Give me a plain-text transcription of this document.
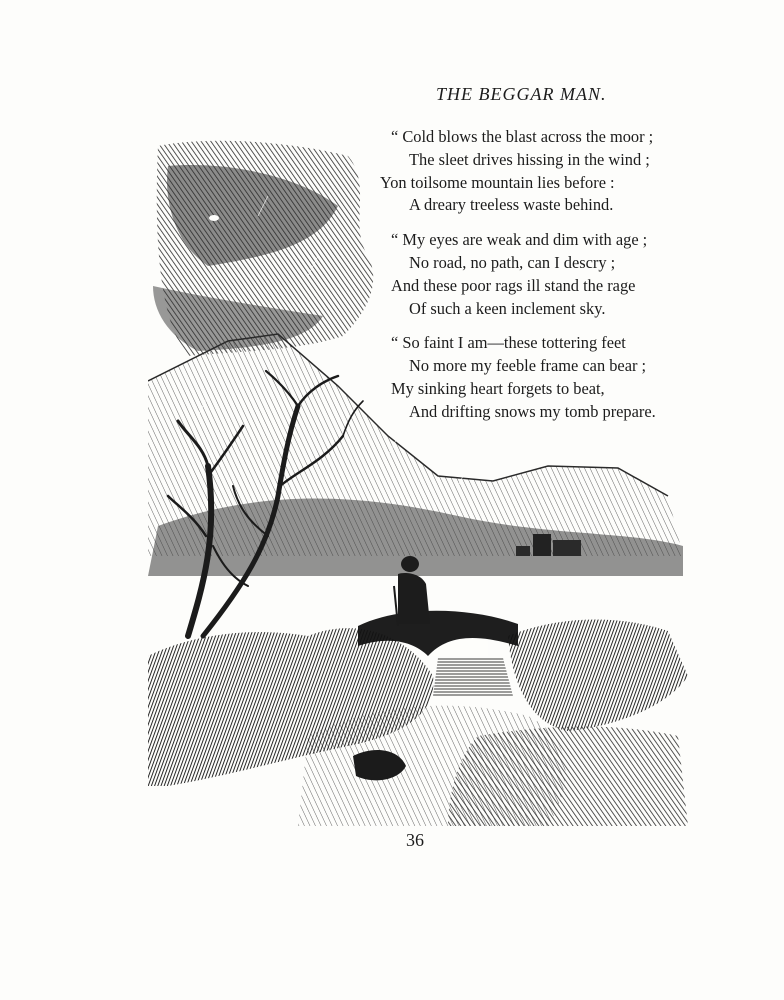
THE BEGGAR MAN.
“ Cold blows the blast across the moor ;
The sleet drives hissing in the wind ;
Yon toilsome mountain lies before :
A dreary treeless waste behind.
“ My eyes are weak and dim with age ;
No road, no path, can I descry ;
And these poor rags ill stand the rage
Of such a keen inclement sky.
“ So faint I am—these tottering feet
No more my feeble frame can bear ;
My sinking heart forgets to beat,
And drifting snows my tomb prepare.
36
